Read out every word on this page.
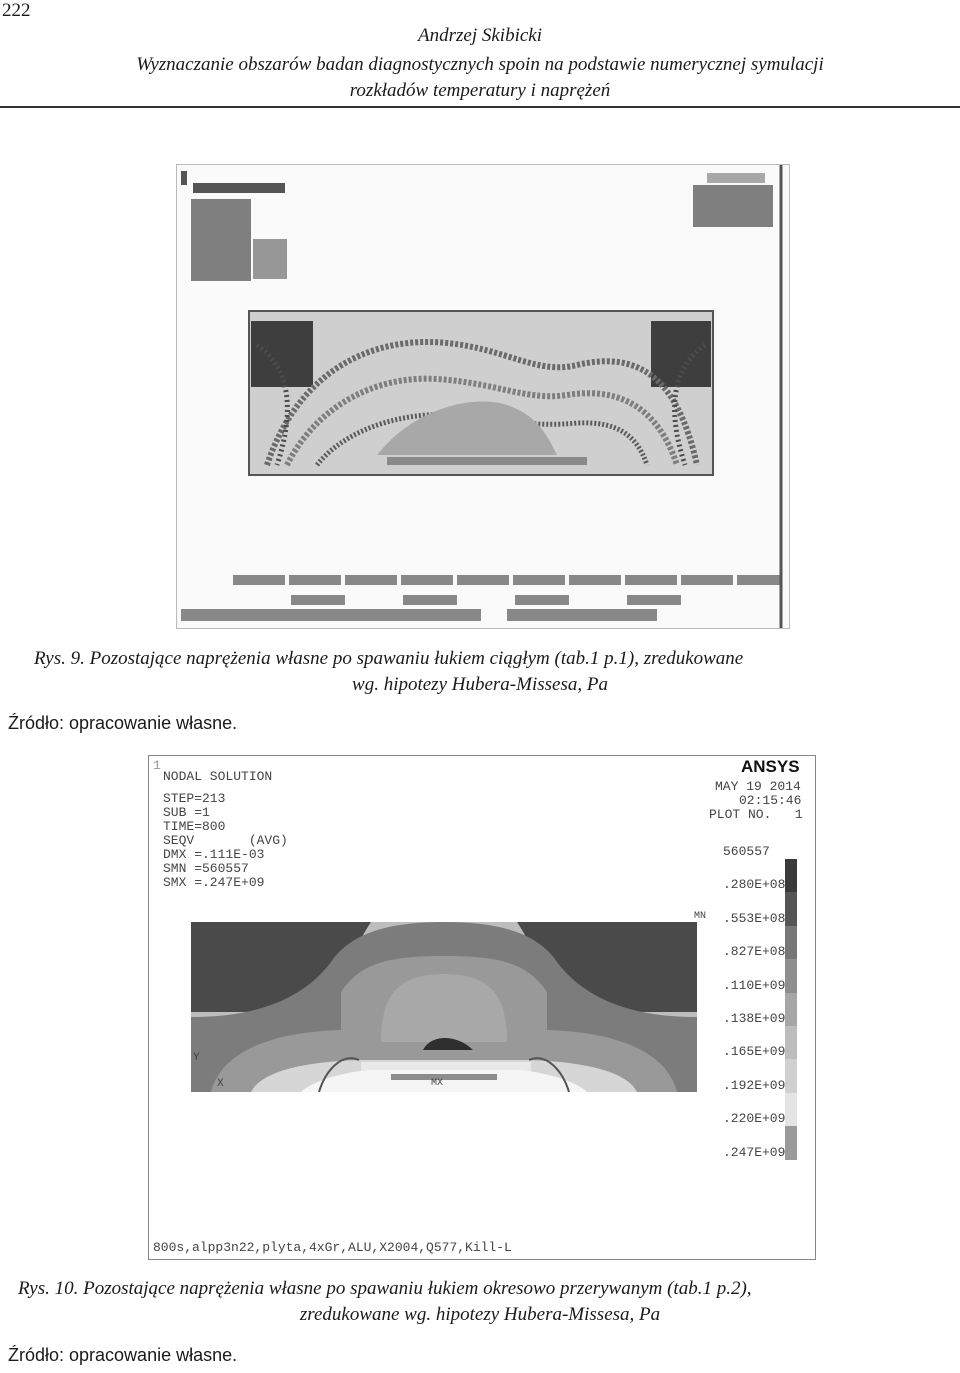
222
Andrzej Skibicki
Wyznaczanie obszarów badan diagnostycznych spoin na podstawie numerycznej symulacji
rozkładów temperatury i naprężeń
Rys. 9. Pozostające naprężenia własne po spawaniu łukiem ciągłym (tab.1 p.1), zredukowane
wg. hipotezy Hubera-Missesa, Pa
Źródło: opracowanie własne.
1	ANSYS
NODAL SOLUTION
STEP=213
SUB =1
TIME=800
SEQV       (AVG)
DMX =.111E-03
SMN =560557
SMX =.247E+09
MAY 19 2014
02:15:46
PLOT NO.   1
MN
MX
Y
X
560557
.280E+08
.553E+08
.827E+08
.110E+09
.138E+09
.165E+09
.192E+09
.220E+09
.247E+09
800s,alpp3n22,plyta,4xGr,ALU,X2004,Q577,Kill-L
Rys. 10. Pozostające naprężenia własne po spawaniu łukiem okresowo przerywanym (tab.1 p.2),
zredukowane wg. hipotezy Hubera-Missesa, Pa
Źródło: opracowanie własne.
